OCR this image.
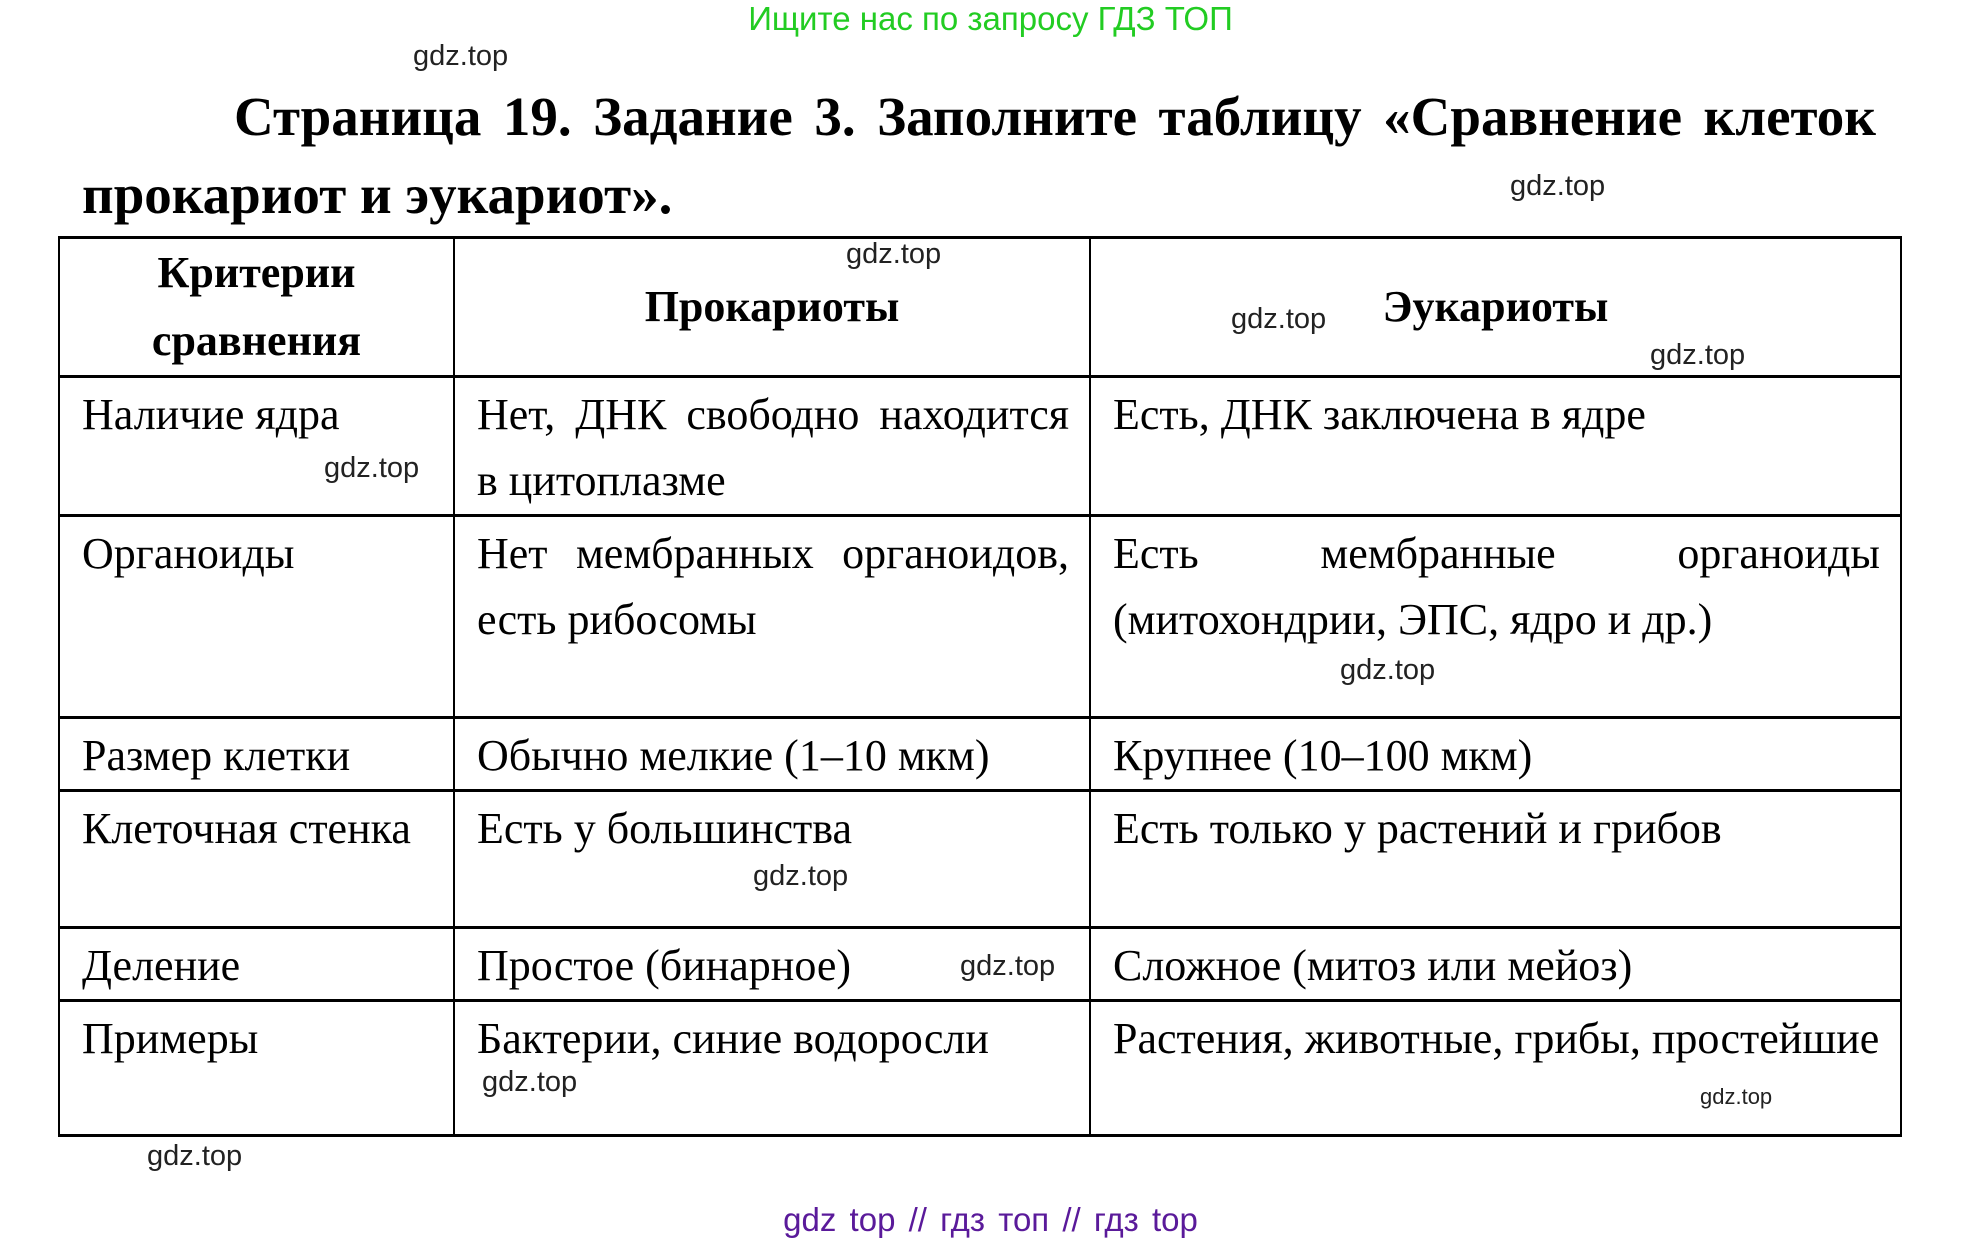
Ищите нас по запросу ГДЗ ТОП
Страница 19. Задание 3. Заполните таблицу «Сравнение клеток прокариот и эукариот».
Критерии сравнения	Прокариоты	Эукариоты
Наличие ядра	Нет, ДНК свободно находится в цитоплазме	Есть, ДНК заключена в ядре
Органоиды	Нет мембранных органоидов, есть рибосомы	Есть мембранные органоиды (митохондрии, ЭПС, ядро и др.)
Размер клетки	Обычно мелкие (1–10 мкм)	Крупнее (10–100 мкм)
Клеточная стенка	Есть у большинства	Есть только у растений и грибов
Деление	Простое (бинарное)	Сложное (митоз или мейоз)
Примеры	Бактерии, синие водоросли	Растения, животные, грибы, простейшие
gdz.top
gdz.top
gdz.top
gdz.top
gdz.top
gdz.top
gdz.top
gdz.top
gdz.top
gdz.top
gdz.top
gdz.top
gdz top // гдз топ // гдз top
